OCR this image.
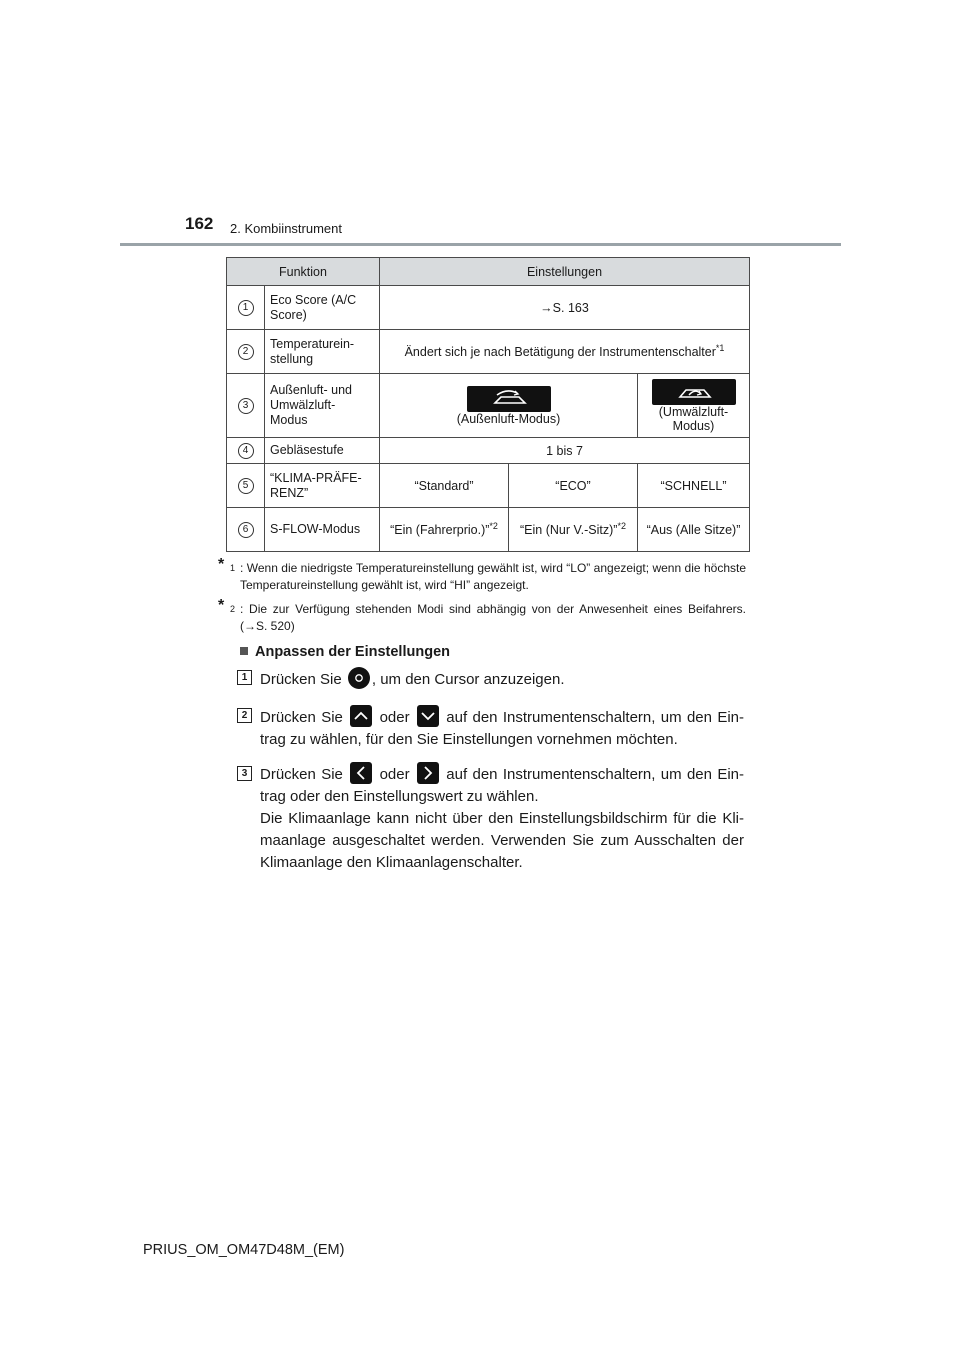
162 2. Kombiinstrument
Funktion		Einstellungen		
1	Eco Score (A/C Score)	→S. 163		
2	Temperaturein- stellung	Ändert sich je nach Betätigung der Instrumentenschalter$^{*1}$
3	Außenluft- und Umwälzluft- Modus	(Außenluft-Modus)		(Umwälzluft-Modus)
4	Gebläsestufe	1 bis 7		
5	“KLIMA-PRÄFE- RENZ”	“Standard”	“ECO”	“SCHNELL”
6	S-FLOW-Modus	“Ein (Fahrerprio.)”$^{*2}$	“Ein (Nur V.-Sitz)”$^{*2}$	“Aus (Alle Sitze)”
* 1 : Wenn die niedrigste Temperatureinstellung gewählt ist, wird “LO” angezeigt; wenn die höchste Temperatureinstellung gewählt ist, wird “HI” angezeigt.
* 2 : Die zur Verfügung stehenden Modi sind abhängig von der Anwesenheit eines Beifahrers. (→S. 520)
Anpassen der Einstellungen
1 Drücken Sie , um den Cursor anzuzeigen.
2 Drücken Sie oder auf den Instrumentenschaltern, um den Eintrag zu wählen, für den Sie Einstellungen vornehmen möchten.
3 Drücken Sie oder auf den Instrumentenschaltern, um den Eintrag oder den Einstellungswert zu wählen.
Die Klimaanlage kann nicht über den Einstellungsbildschirm für die Klimaanlage ausgeschaltet werden. Verwenden Sie zum Ausschalten der Klimaanlage den Klimaanlagenschalter.
PRIUS_OM_OM47D48M_(EM)
